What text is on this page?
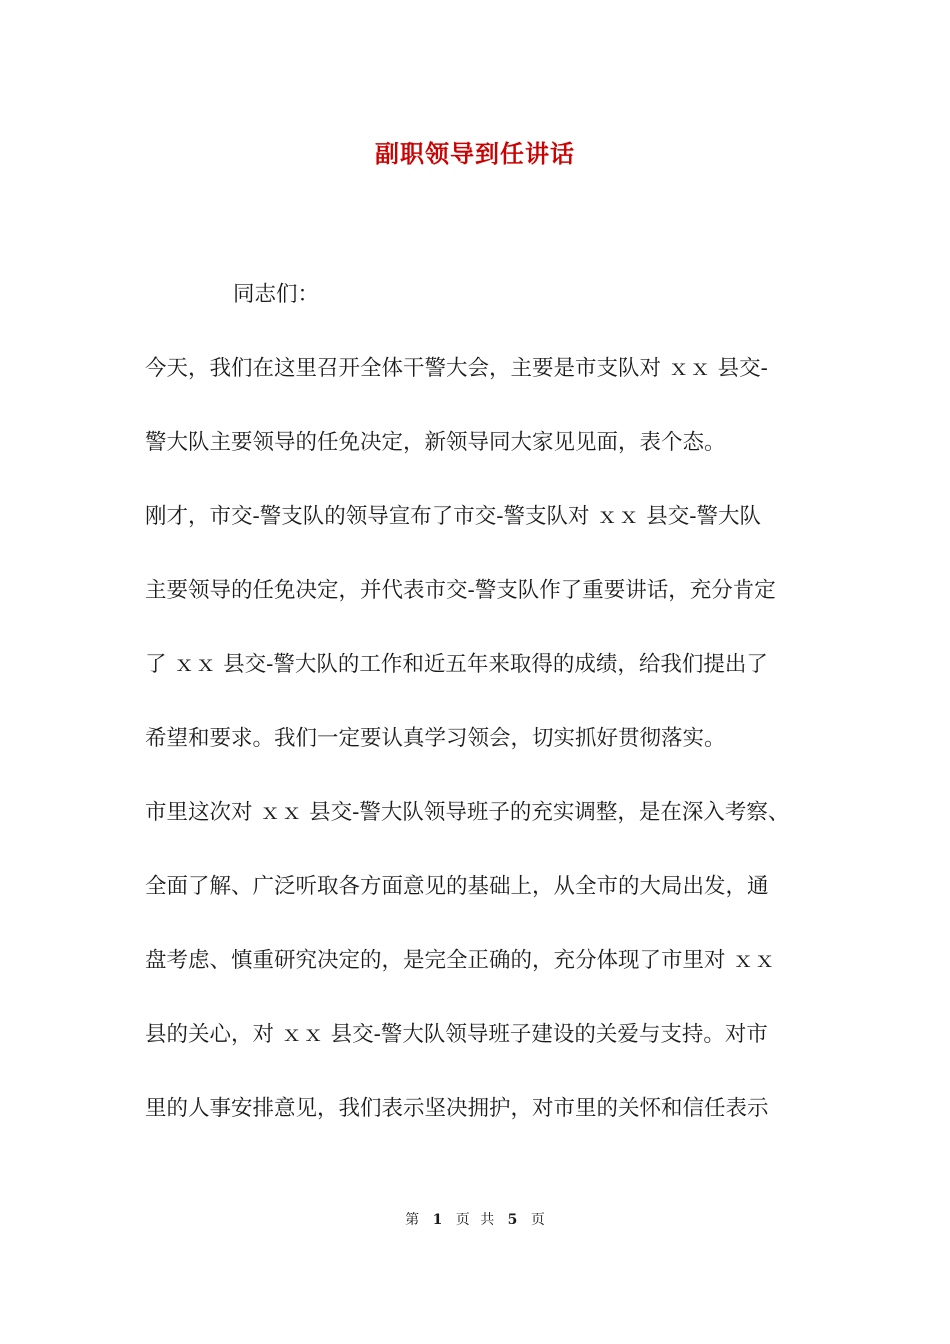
副职领导到任讲话
同志们：
今天，我们在这里召开全体干警大会，主要是市支队对 ｘｘ 县交-
警大队主要领导的任免决定，新领导同大家见见面，表个态。
刚才，市交-警支队的领导宣布了市交-警支队对 ｘｘ 县交-警大队
主要领导的任免决定，并代表市交-警支队作了重要讲话，充分肯定
了 ｘｘ 县交-警大队的工作和近五年来取得的成绩，给我们提出了
希望和要求。我们一定要认真学习领会，切实抓好贯彻落实。
市里这次对 ｘｘ 县交-警大队领导班子的充实调整，是在深入考察、
全面了解、广泛听取各方面意见的基础上，从全市的大局出发，通
盘考虑、慎重研究决定的，是完全正确的，充分体现了市里对 ｘｘ
县的关心，对 ｘｘ 县交-警大队领导班子建设的关爱与支持。对市
里的人事安排意见，我们表示坚决拥护，对市里的关怀和信任表示
第 1 页 共 5 页
